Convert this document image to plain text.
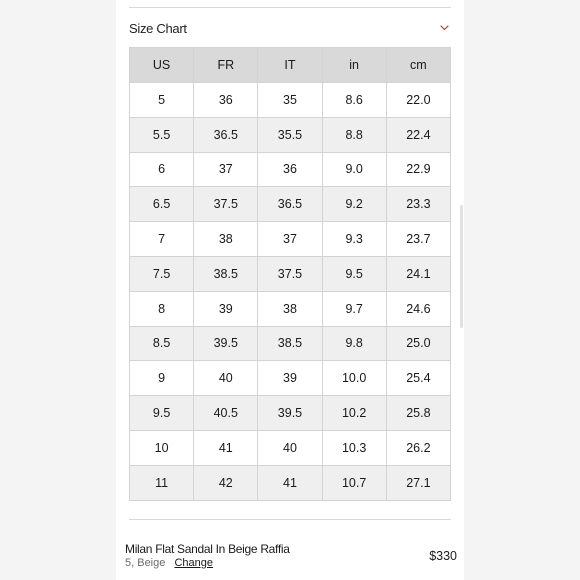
Size Chart
US	FR	IT	in	cm
5	36	35	8.6	22.0
5.5	36.5	35.5	8.8	22.4
6	37	36	9.0	22.9
6.5	37.5	36.5	9.2	23.3
7	38	37	9.3	23.7
7.5	38.5	37.5	9.5	24.1
8	39	38	9.7	24.6
8.5	39.5	38.5	9.8	25.0
9	40	39	10.0	25.4
9.5	40.5	39.5	10.2	25.8
10	41	40	10.3	26.2
11	42	41	10.7	27.1
Milan Flat Sandal In Beige Raffia
5, Beige Change	$330
